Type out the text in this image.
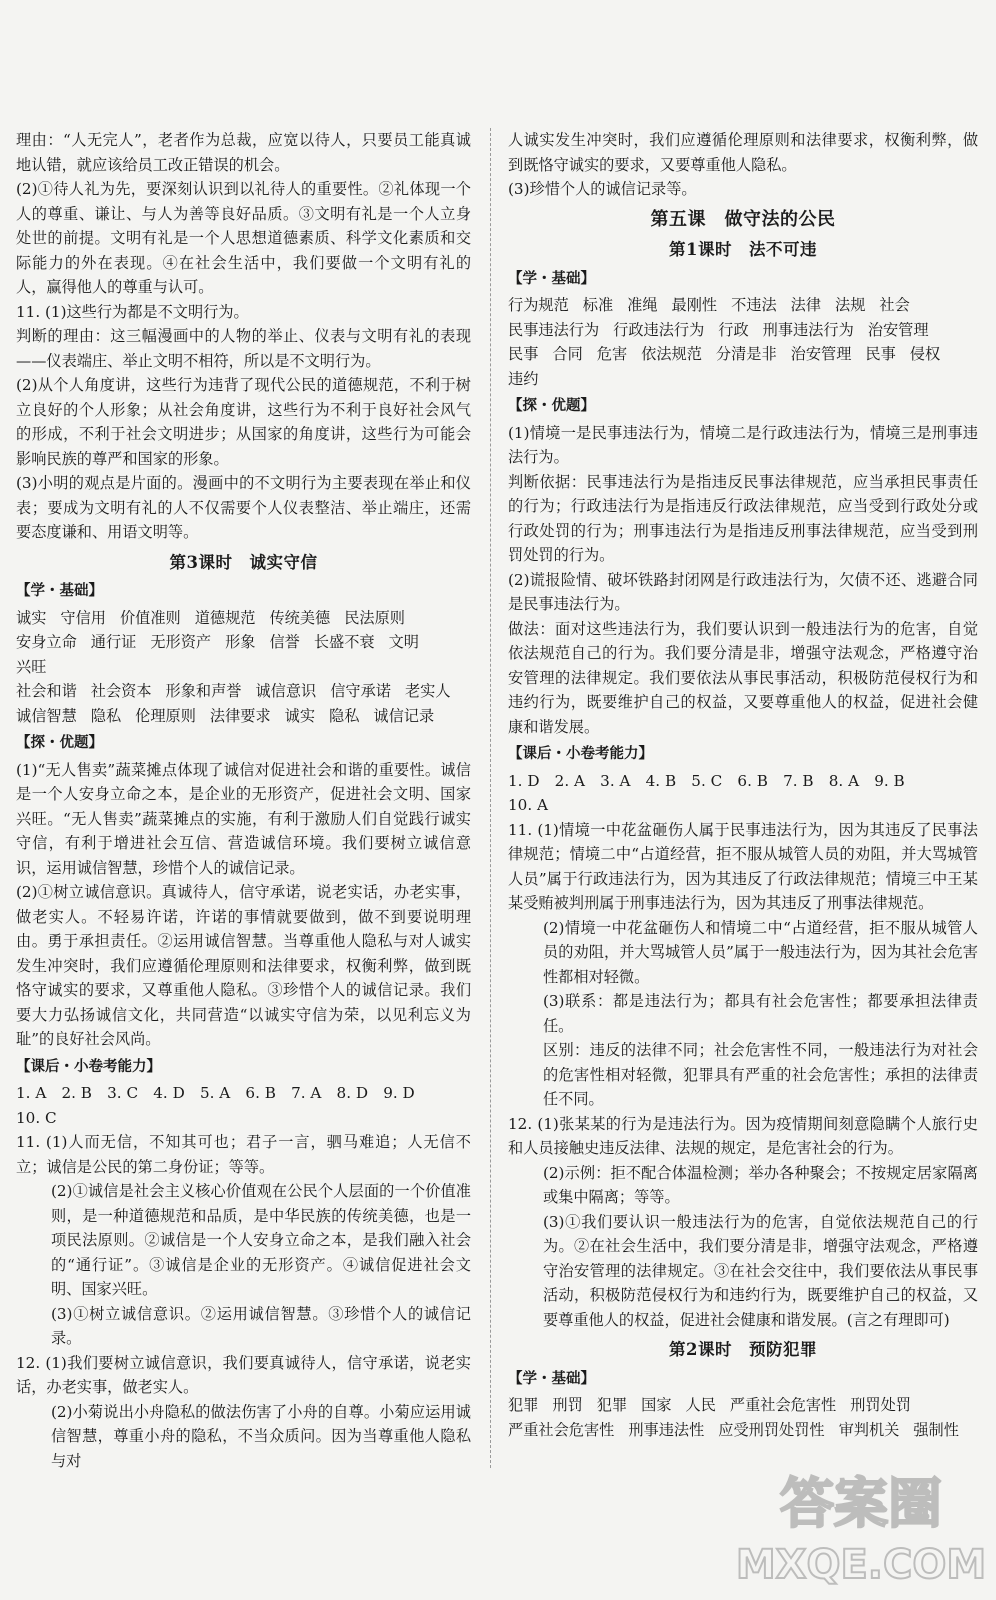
理由：“人无完人”，老者作为总裁，应宽以待人，只要员工能真诚地认错，就应该给员工改正错误的机会。

(2)①待人礼为先，要深刻认识到以礼待人的重要性。②礼体现一个人的尊重、谦让、与人为善等良好品质。③文明有礼是一个人立身处世的前提。文明有礼是一个人思想道德素质、科学文化素质和交际能力的外在表现。④在社会生活中，我们要做一个文明有礼的人，赢得他人的尊重与认可。

11. (1)这些行为都是不文明行为。

判断的理由：这三幅漫画中的人物的举止、仪表与文明有礼的表现——仪表端庄、举止文明不相符，所以是不文明行为。

(2)从个人角度讲，这些行为违背了现代公民的道德规范，不利于树立良好的个人形象；从社会角度讲，这些行为不利于良好社会风气的形成，不利于社会文明进步；从国家的角度讲，这些行为可能会影响民族的尊严和国家的形象。

(3)小明的观点是片面的。漫画中的不文明行为主要表现在举止和仪表；要成为文明有礼的人不仅需要个人仪表整洁、举止端庄，还需要态度谦和、用语文明等。

第3课时　诚实守信
【学・基础】

诚实 守信用 价值准则 道德规范 传统美德 民法原则

安身立命 通行证 无形资产 形象 信誉 长盛不衰 文明兴旺

社会和谐 社会资本 形象和声誉 诚信意识 信守承诺 老实人

诚信智慧 隐私 伦理原则 法律要求 诚实 隐私 诚信记录

【探・优题】

(1)“无人售卖”蔬菜摊点体现了诚信对促进社会和谐的重要性。诚信是一个人安身立命之本，是企业的无形资产，促进社会文明、国家兴旺。“无人售卖”蔬菜摊点的实施，有利于激励人们自觉践行诚实守信，有利于增进社会互信、营造诚信环境。我们要树立诚信意识，运用诚信智慧，珍惜个人的诚信记录。

(2)①树立诚信意识。真诚待人，信守承诺，说老实话，办老实事，做老实人。不轻易许诺，许诺的事情就要做到，做不到要说明理由。勇于承担责任。②运用诚信智慧。当尊重他人隐私与对人诚实发生冲突时，我们应遵循伦理原则和法律要求，权衡利弊，做到既恪守诚实的要求，又尊重他人隐私。③珍惜个人的诚信记录。我们要大力弘扬诚信文化，共同营造“以诚实守信为荣，以见利忘义为耻”的良好社会风尚。

【课后・小卷考能力】

1. A　2. B　3. C　4. D　5. A　6. B　7. A　8. D　9. D

10. C

11. (1)人而无信，不知其可也；君子一言，驷马难追；人无信不立；诚信是公民的第二身份证；等等。

(2)①诚信是社会主义核心价值观在公民个人层面的一个价值准则，是一种道德规范和品质，是中华民族的传统美德，也是一项民法原则。②诚信是一个人安身立命之本，是我们融入社会的“通行证”。③诚信是企业的无形资产。④诚信促进社会文明、国家兴旺。

(3)①树立诚信意识。②运用诚信智慧。③珍惜个人的诚信记录。

12. (1)我们要树立诚信意识，我们要真诚待人，信守承诺，说老实话，办老实事，做老实人。

(2)小菊说出小舟隐私的做法伤害了小舟的自尊。小菊应运用诚信智慧，尊重小舟的隐私，不当众质问。因为当尊重他人隐私与对

人诚实发生冲突时，我们应遵循伦理原则和法律要求，权衡利弊，做到既恪守诚实的要求，又要尊重他人隐私。

(3)珍惜个人的诚信记录等。

第五课　做守法的公民
第1课时　法不可违
【学・基础】

行为规范 标准 准绳 最刚性 不违法 法律 法规 社会

民事违法行为 行政违法行为 行政 刑事违法行为 治安管理

民事 合同 危害 依法规范 分清是非 治安管理 民事 侵权

违约

【探・优题】

(1)情境一是民事违法行为，情境二是行政违法行为，情境三是刑事违法行为。

判断依据：民事违法行为是指违反民事法律规范，应当承担民事责任的行为；行政违法行为是指违反行政法律规范，应当受到行政处分或行政处罚的行为；刑事违法行为是指违反刑事法律规范，应当受到刑罚处罚的行为。

(2)谎报险情、破坏铁路封闭网是行政违法行为，欠债不还、逃避合同是民事违法行为。

做法：面对这些违法行为，我们要认识到一般违法行为的危害，自觉依法规范自己的行为。我们要分清是非，增强守法观念，严格遵守治安管理的法律规定。我们要依法从事民事活动，积极防范侵权行为和违约行为，既要维护自己的权益，又要尊重他人的权益，促进社会健康和谐发展。

【课后・小卷考能力】

1. D　2. A　3. A　4. B　5. C　6. B　7. B　8. A　9. B

10. A

11. (1)情境一中花盆砸伤人属于民事违法行为，因为其违反了民事法律规范；情境二中“占道经营，拒不服从城管人员的劝阻，并大骂城管人员”属于行政违法行为，因为其违反了行政法律规范；情境三中王某某受贿被判刑属于刑事违法行为，因为其违反了刑事法律规范。

(2)情境一中花盆砸伤人和情境二中“占道经营，拒不服从城管人员的劝阻，并大骂城管人员”属于一般违法行为，因为其社会危害性都相对轻微。

(3)联系：都是违法行为；都具有社会危害性；都要承担法律责任。

区别：违反的法律不同；社会危害性不同，一般违法行为对社会的危害性相对轻微，犯罪具有严重的社会危害性；承担的法律责任不同。

12. (1)张某某的行为是违法行为。因为疫情期间刻意隐瞒个人旅行史和人员接触史违反法律、法规的规定，是危害社会的行为。

(2)示例：拒不配合体温检测；举办各种聚会；不按规定居家隔离或集中隔离；等等。

(3)①我们要认识一般违法行为的危害，自觉依法规范自己的行为。②在社会生活中，我们要分清是非，增强守法观念，严格遵守治安管理的法律规定。③在社会交往中，我们要依法从事民事活动，积极防范侵权行为和违约行为，既要维护自己的权益，又要尊重他人的权益，促进社会健康和谐发展。(言之有理即可)

第2课时　预防犯罪
【学・基础】

犯罪 刑罚 犯罪 国家 人民 严重社会危害性 刑罚处罚

严重社会危害性 刑事违法性 应受刑罚处罚性 审判机关 强制性

答案圈
MXQE.COM
